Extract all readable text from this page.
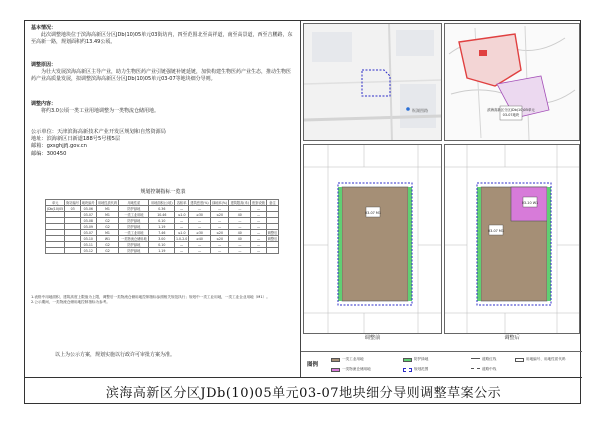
基本情况：
此次调整地块位于滨海高新区分区JDb(10)05单元03街坊内，四至范围北至高祥道，南至高景道，西至吉鹏路，东至高新一路，规划面积约13.49公顷。
调整原因：
为壮大发展滨海高新区主导产业，助力生物医药产业引链强链补链延链，加快构建生物医药产业生态，推动生物医药产业高质量发展，拟调整滨海高新区分区JDb(10)05单元03-07等地块细分导则。
调整内容：
将约3.0公顷一类工业用地调整为一类物流仓储用地。
公示单位：天津滨海高新技术产业开发区规划和自然资源局
地址：滨海新区日新道188号5号楼5层
邮箱：gxsghjjfj.gov.cn
邮编：300450
规划控制指标一览表
单元	街坊编号	地块编号	用地性质代码	用地性质	用地面积(公顷)	容积率	建筑密度(%)	绿地率(%)	建筑限高(米)	配套设施	备注
JDb(10)05	03	03-06	M1	防护绿地	0.36	—	—	—	—	—	
		03-07	M1	一类工业用地	10.46	≤1.0	≥30	≤20	40	—	
		03-08	G2	防护绿地	0.10	—	—	—	—	—	
		03-09	G2	防护绿地	1.19	—	—	—	—	—	
		03-07	M1	一类工业用地	7.46	≤1.0	≥30	≤20	40	—	调整后
		03-10	W1	一类物流仓储用地	3.00	1.0-2.0	≥40	≤20	40	—	调整后
		03-11	G2	防护绿地	0.10	—	—	—	—	—	
		03-12	G2	防护绿地	1.19	—	—	—	—	—	
1.表格中用地面积、建筑高度上限值为上限，调整后一类物流仓储用地控制指标参照相关规范执行；规划中一类工业用地，一类工业企业用地（M1）。
2.公示期间，一类物流仓储用地控制指标为参考。
以上为公示方案，规划实施以行政许可审批方案为准。
纵湖图路	滨海高新区分区JDb(10)05单元
03-07地块
03-07 M1
调整前
03-07 M1
03-10 W1
调整后
图例
一类工业用地
一类物流仓储用地
防护绿地
规划范围
道路红线
道路中线
用地编号、用地性质代码
滨海高新区分区JDb(10)05单元03-07地块细分导则调整草案公示
